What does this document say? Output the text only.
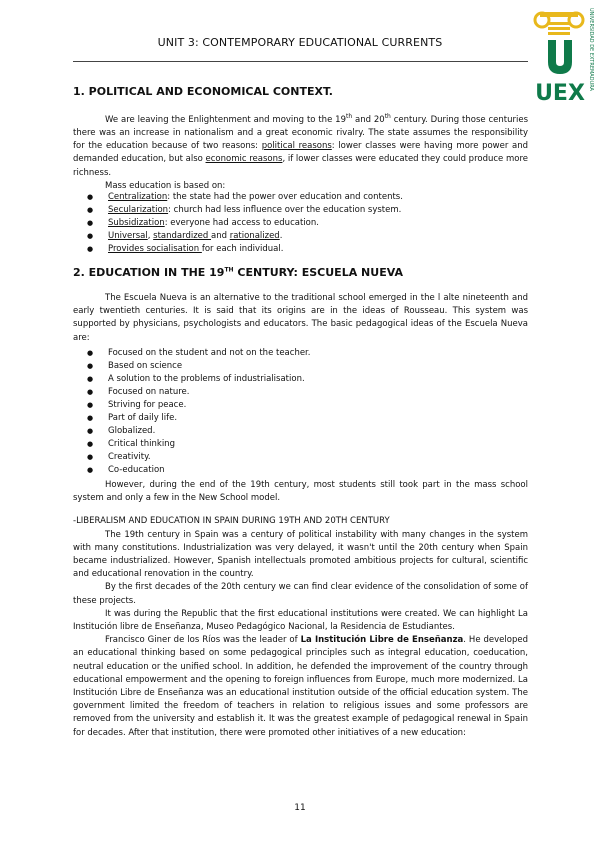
UNIT 3: CONTEMPORARY EDUCATIONAL CURRENTS
UEX
UNIVERSIDAD DE EXTREMADURA
1. POLITICAL AND ECONOMICAL CONTEXT.

We are leaving the Enlightenment and moving to the 19th and 20th century. During those centuries there was an increase in nationalism and a great economic rivalry. The state assumes the responsibility for the education because of two reasons: political reasons: lower classes were having more power and demanded education, but also economic reasons, if lower classes were educated they could produce more richness.

Mass education is based on:

● Centralization: the state had the power over education and contents.
● Secularization: church had less influence over the education system.
● Subsidization: everyone had access to education.
● Universal, standardized and rationalized.
● Provides socialisation for each individual.
2. EDUCATION IN THE 19TH CENTURY: ESCUELA NUEVA

The Escuela Nueva is an alternative to the traditional school emerged in the l alte nineteenth and early twentieth centuries. It is said that its origins are in the ideas of Rousseau. This system was supported by physicians, psychologists and educators. The basic pedagogical ideas of the Escuela Nueva are:

● Focused on the student and not on the teacher.
● Based on science
● A solution to the problems of industrialisation.
● Focused on nature.
● Striving for peace.
● Part of daily life.
● Globalized.
● Critical thinking
● Creativity.
● Co-education

However, during the end of the 19th century, most students still took part in the mass school system and only a few in the New School model.

-LIBERALISM AND EDUCATION IN SPAIN DURING 19TH AND 20TH CENTURY

The 19th century in Spain was a century of political instability with many changes in the system with many constitutions. Industrialization was very delayed, it wasn't until the 20th century when Spain became industrialized. However, Spanish intellectuals promoted ambitious projects for cultural, scientific and educational renovation in the country.

By the first decades of the 20th century we can find clear evidence of the consolidation of some of these projects.

It was during the Republic that the first educational institutions were created. We can highlight La Institución libre de Enseñanza, Museo Pedagógico Nacional, la Residencia de Estudiantes.

Francisco Giner de los Ríos was the leader of La Institución Libre de Enseñanza. He developed an educational thinking based on some pedagogical principles such as integral education, coeducation, neutral education or the unified school. In addition, he defended the improvement of the country through educational empowerment and the opening to foreign influences from Europe, much more modernized. La Institución Libre de Enseñanza was an educational institution outside of the official education system. The government limited the freedom of teachers in relation to religious issues and some professors are removed from the university and establish it. It was the greatest example of pedagogical renewal in Spain for decades. After that institution, there were promoted other initiatives of a new education:

11
